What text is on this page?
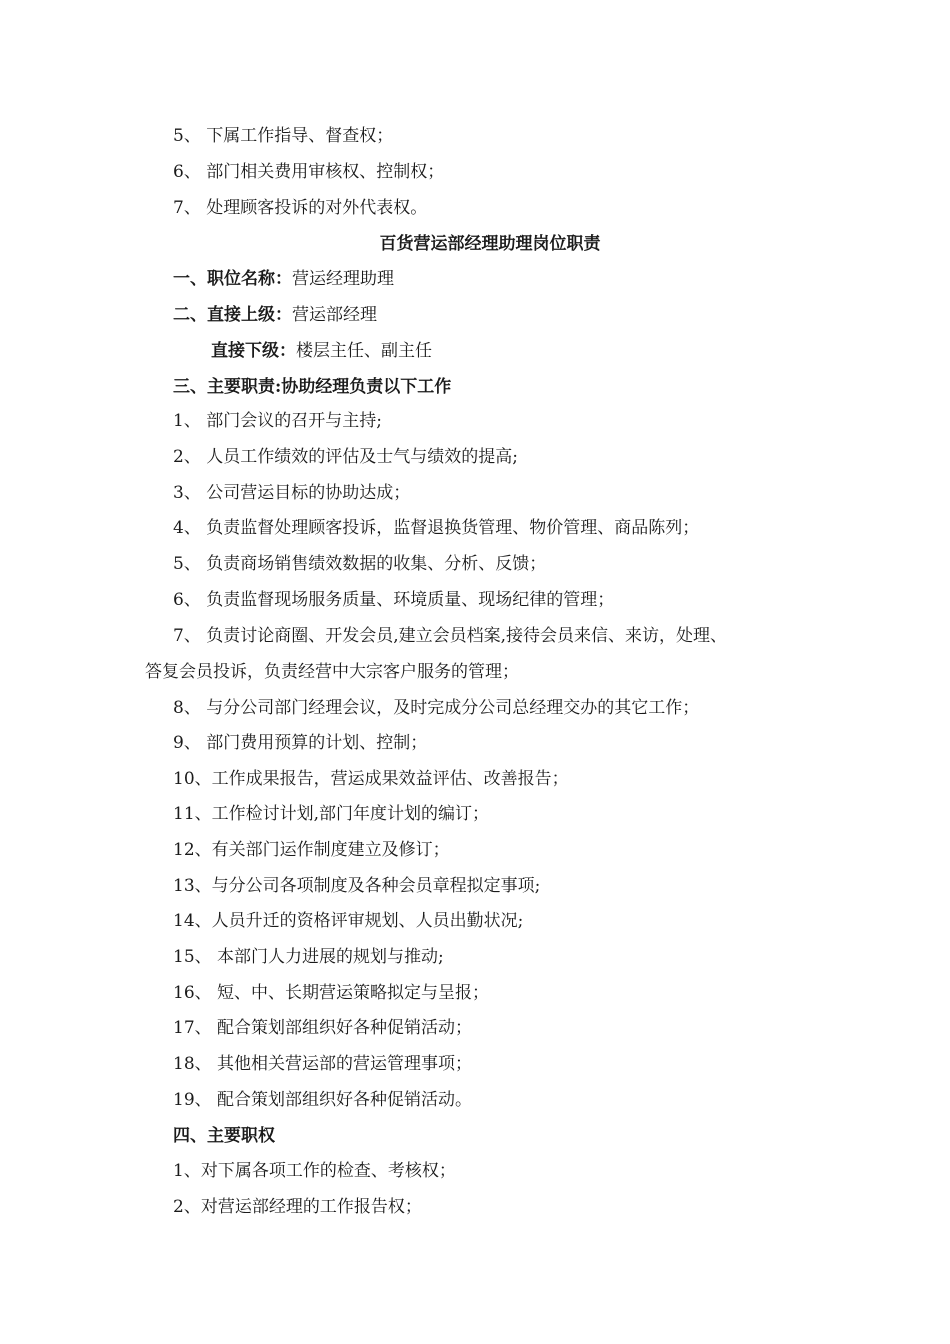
5、 下属工作指导、督查权；
6、 部门相关费用审核权、控制权；
7、 处理顾客投诉的对外代表权。
百货营运部经理助理岗位职责
一、职位名称：营运经理助理
二、直接上级：营运部经理
直接下级：楼层主任、副主任
三、主要职责:协助经理负责以下工作
1、 部门会议的召开与主持;
2、 人员工作绩效的评估及士气与绩效的提高;
3、 公司营运目标的协助达成；
4、 负责监督处理顾客投诉，监督退换货管理、物价管理、商品陈列；
5、 负责商场销售绩效数据的收集、分析、反馈；
6、 负责监督现场服务质量、环境质量、现场纪律的管理；
7、 负责讨论商圈、开发会员,建立会员档案,接待会员来信、来访，处理、
答复会员投诉，负责经营中大宗客户服务的管理；
8、 与分公司部门经理会议，及时完成分公司总经理交办的其它工作；
9、 部门费用预算的计划、控制；
10、工作成果报告，营运成果效益评估、改善报告；
11、工作检讨计划,部门年度计划的编订；
12、有关部门运作制度建立及修订；
13、与分公司各项制度及各种会员章程拟定事项;
14、人员升迁的资格评审规划、人员出勤状况;
15、 本部门人力进展的规划与推动;
16、 短、中、长期营运策略拟定与呈报；
17、 配合策划部组织好各种促销活动；
18、 其他相关营运部的营运管理事项；
19、 配合策划部组织好各种促销活动。
四、主要职权
1、对下属各项工作的检查、考核权；
2、对营运部经理的工作报告权；
